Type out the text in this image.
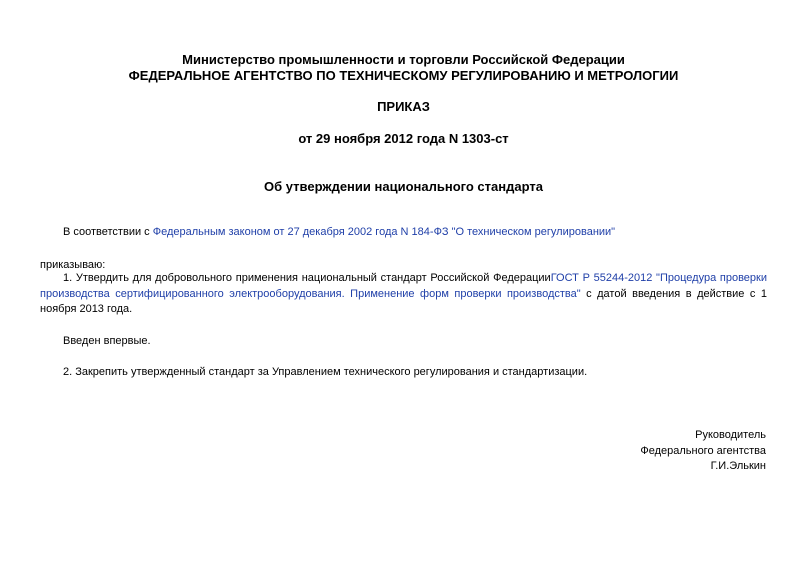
Министерство промышленности и торговли Российской Федерации
ФЕДЕРАЛЬНОЕ АГЕНТСТВО ПО ТЕХНИЧЕСКОМУ РЕГУЛИРОВАНИЮ И МЕТРОЛОГИИ
ПРИКАЗ
от 29 ноября 2012 года N 1303-ст
Об утверждении национального стандарта
В соответствии с Федеральным законом от 27 декабря 2002 года N 184-ФЗ "О техническом регулировании"
приказываю:
1. Утвердить для добровольного применения национальный стандарт Российской ФедерацииГОСТ Р 55244-2012 "Процедура проверки производства сертифицированного электрооборудования. Применение форм проверки производства" с датой введения в действие с 1 ноября 2013 года.
Введен впервые.
2. Закрепить утвержденный стандарт за Управлением технического регулирования и стандартизации.
Руководитель
Федерального агентства
Г.И.Элькин
